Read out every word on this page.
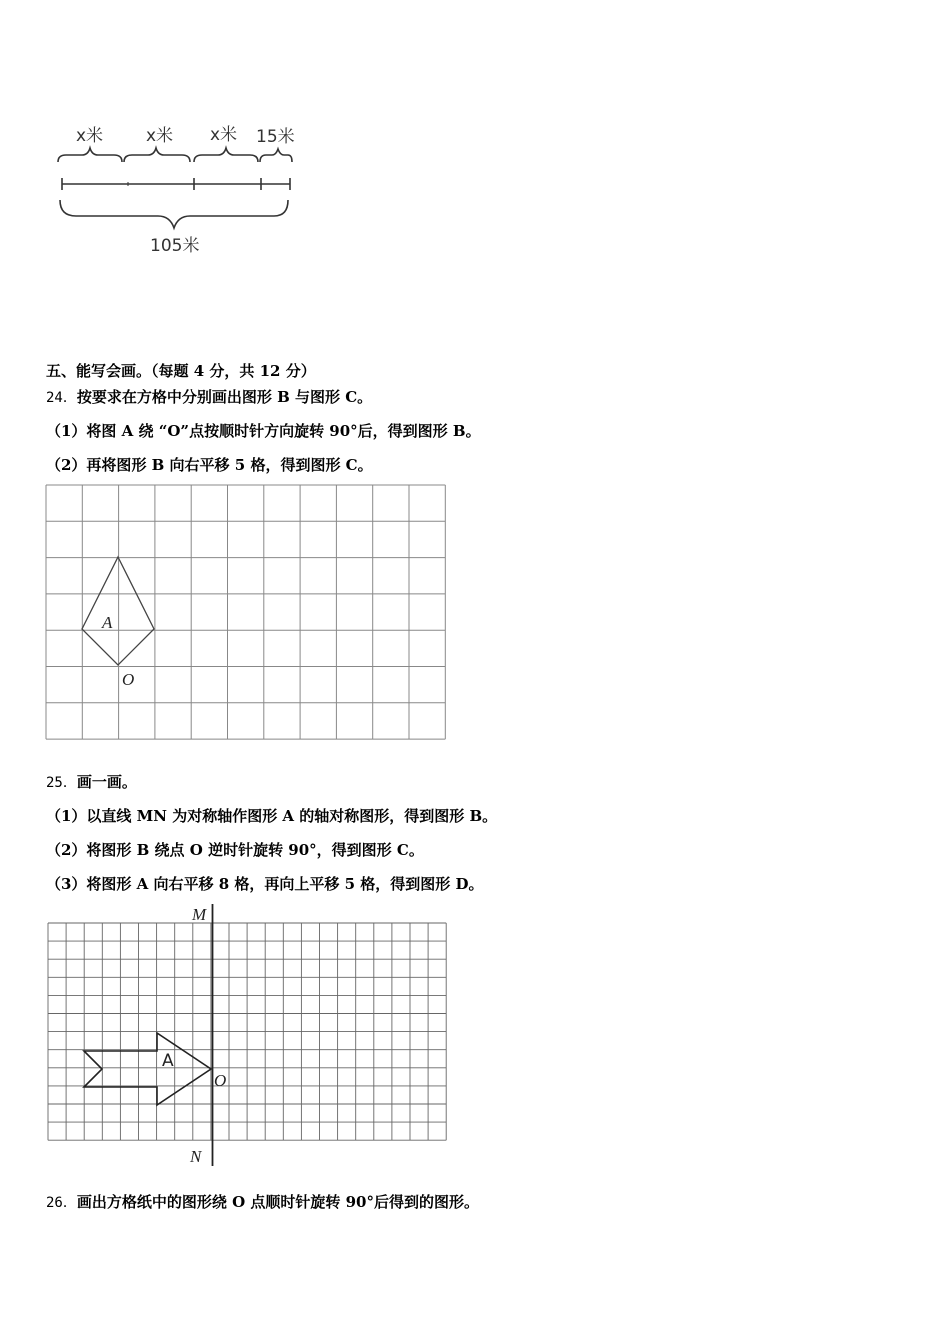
x米	x米 x米 15米
105米
五、能写会画。（每题 4 分，共 12 分）
24．按要求在方格中分别画出图形 B 与图形 C。
（1）将图 A 绕 “O”点按顺时针方向旋转 90°后，得到图形 B。
（2）再将图形 B 向右平移 5 格，得到图形 C。
A
O
25．画一画。
（1）以直线 MN 为对称轴作图形 A 的轴对称图形，得到图形 B。
（2）将图形 B 绕点 O 逆时针旋转 90°，得到图形 C。
（3）将图形 A 向右平移 8 格，再向上平移 5 格，得到图形 D。
M
N
A
O
26．画出方格纸中的图形绕 O 点顺时针旋转 90°后得到的图形。
